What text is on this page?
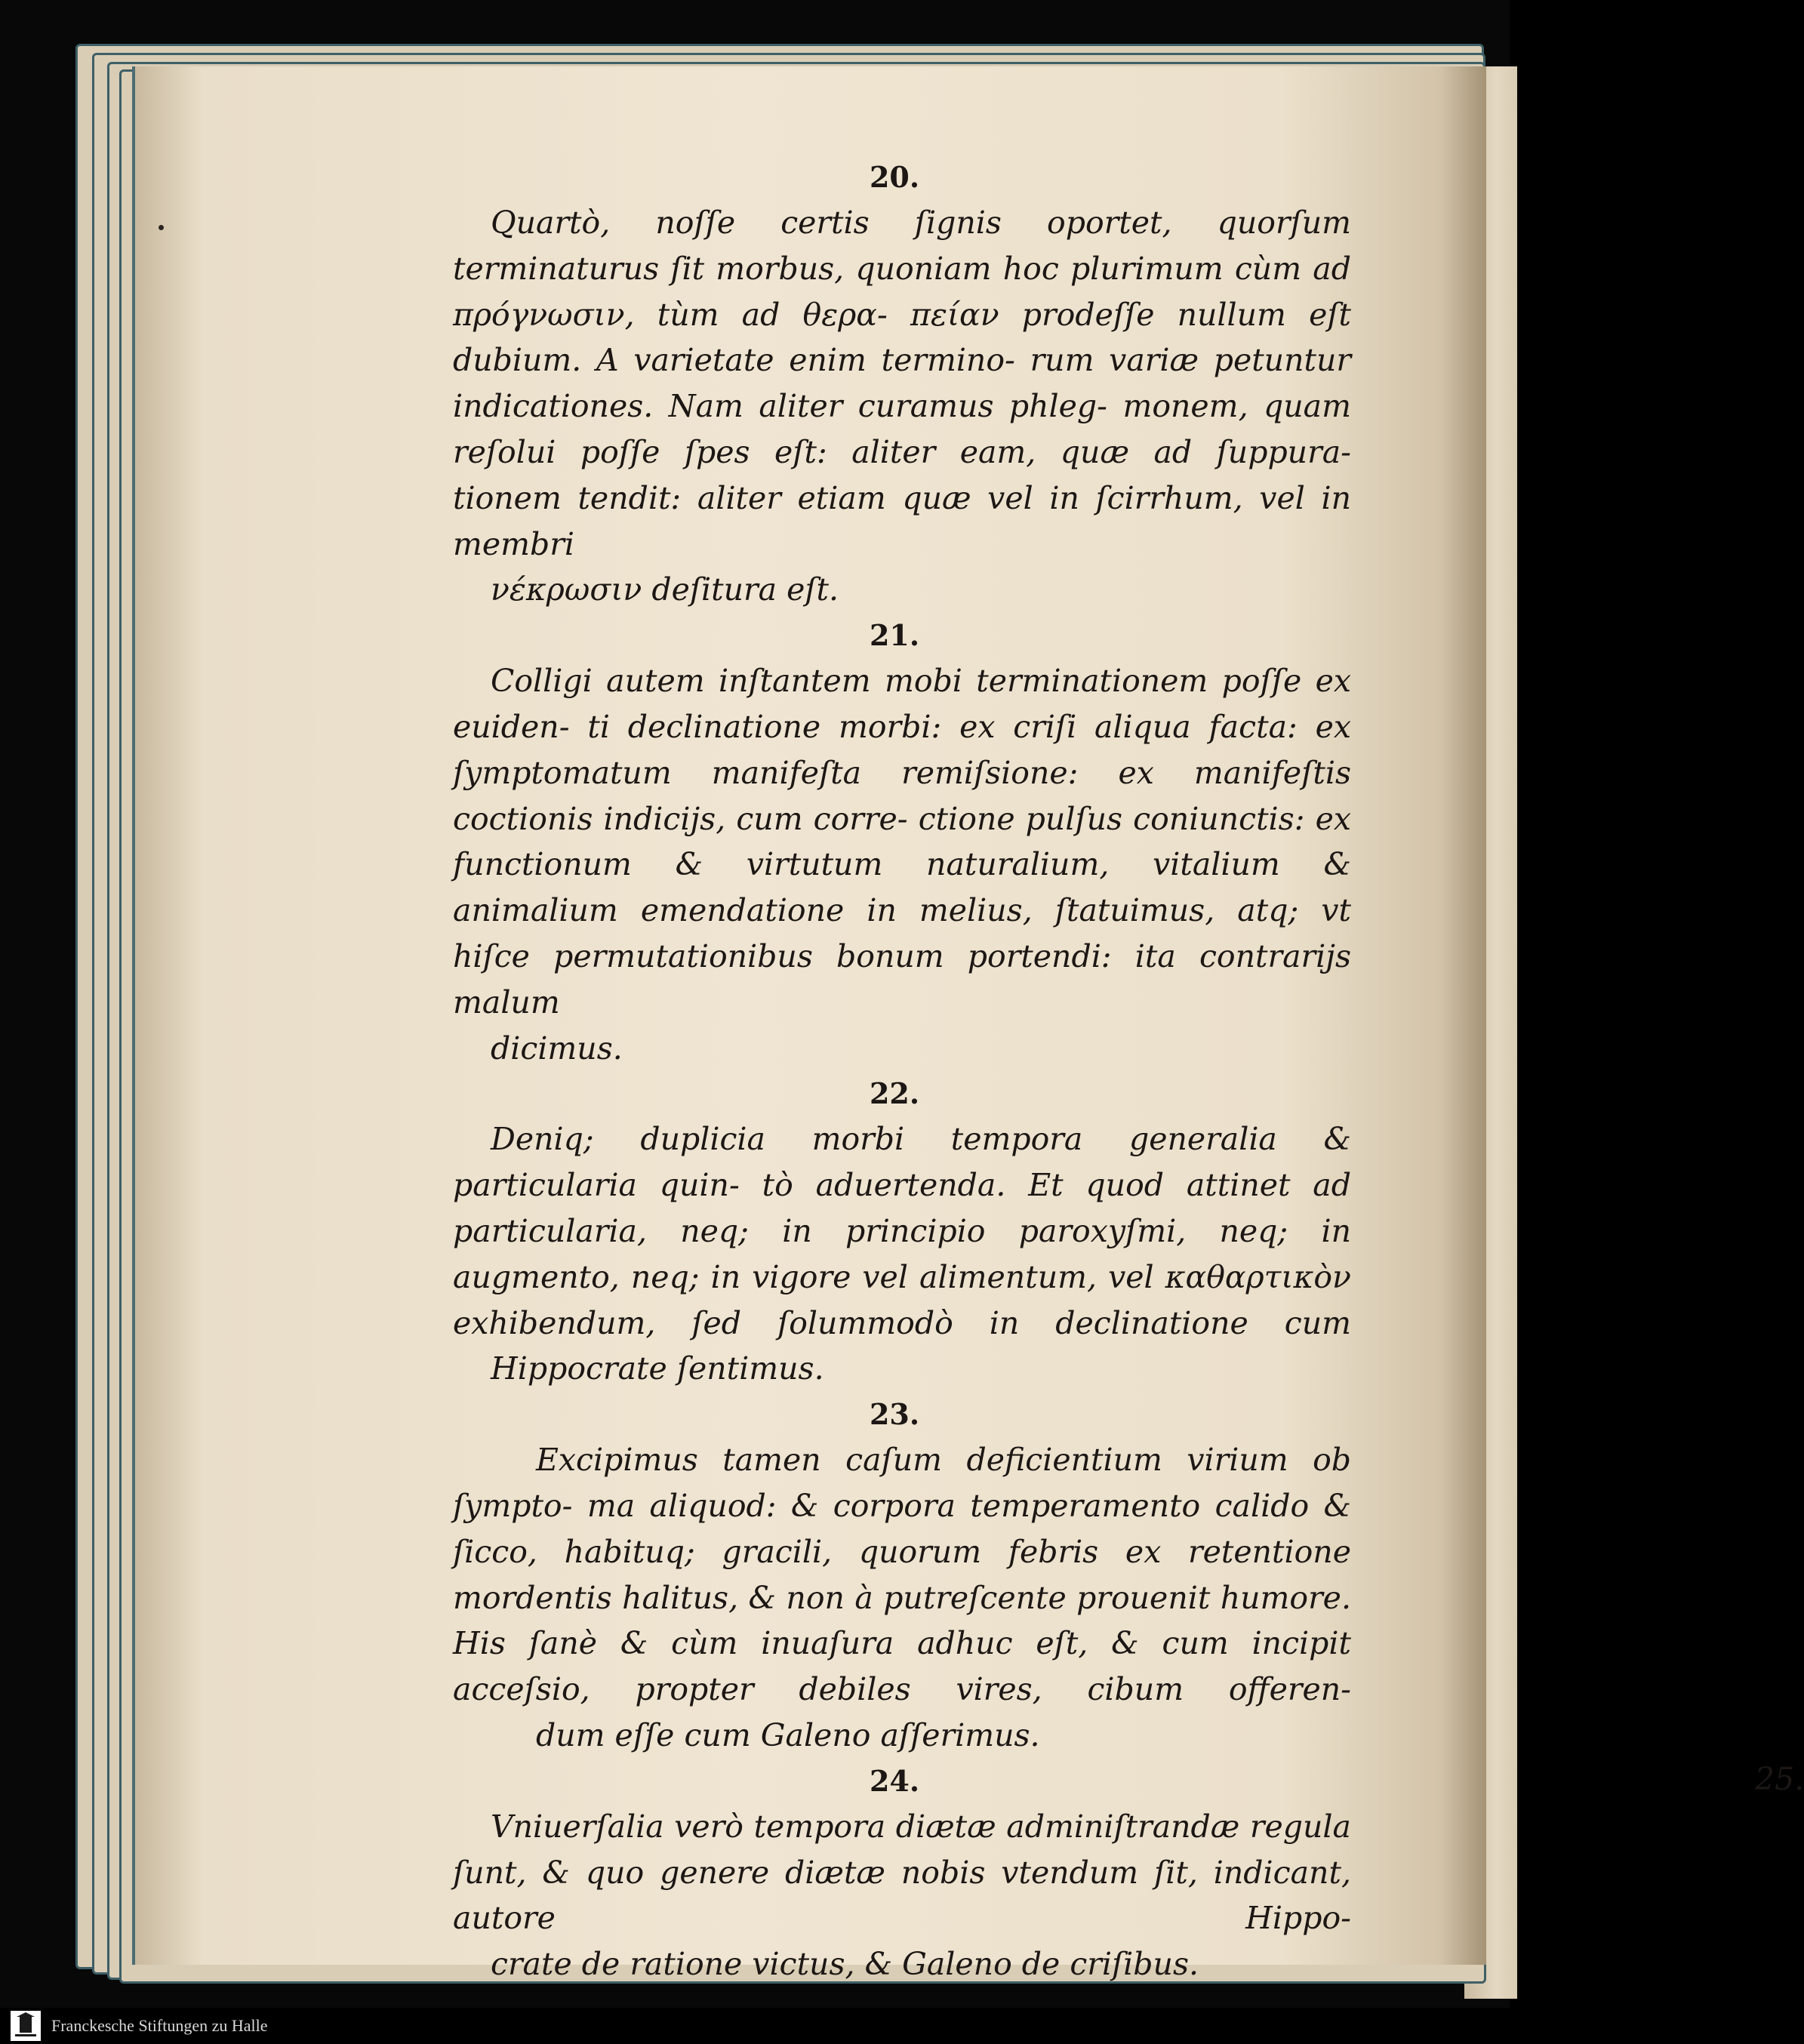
20.

Quartò, noſſe certis ſignis oportet, quorſum terminaturus ſit morbus, quoniam hoc plurimum cùm ad πρόγνωσιν, tùm ad θερα- πείαν prodeſſe nullum eſt dubium. A varietate enim termino- rum variæ petuntur indicationes. Nam aliter curamus phleg- monem, quam reſolui poſſe ſpes eſt: aliter eam, quæ ad ſuppura- tionem tendit: aliter etiam quæ vel in ſcirrhum, vel in membri
νέκρωσιν deſitura eſt.

21.

Colligi autem inſtantem mobi terminationem poſſe ex euiden- ti declinatione morbi: ex criſi aliqua facta: ex ſymptomatum manifeſta remiſsione: ex manifeſtis coctionis indicijs, cum corre- ctione pulſus coniunctis: ex functionum & virtutum naturalium, vitalium & animalium emendatione in melius, ſtatuimus, atq; vt hiſce permutationibus bonum portendi: ita contrarijs malum
dicimus.

22.

Deniq; duplicia morbi tempora generalia & particularia quin- tò aduertenda. Et quod attinet ad particularia, neq; in principio paroxyſmi, neq; in augmento, neq; in vigore vel alimentum, vel καθαρτικὸν exhibendum, ſed ſolummodò in declinatione cum
Hippocrate ſentimus.

23.

Excipimus tamen caſum deficientium virium ob ſympto- ma aliquod: & corpora temperamento calido & ſicco, habituq; gracili, quorum febris ex retentione mordentis halitus, & non à putreſcente prouenit humore. His ſanè & cùm inuaſura adhuc eſt, & cum incipit acceſsio, propter debiles vires, cibum offeren-
dum eſſe cum Galeno aſſerimus.

24.

Vniuerſalia verò tempora diætæ adminiſtrandæ regula ſunt, & quo genere diætæ nobis vtendum ſit, indicant, autore Hippo-
crate de ratione victus, & Galeno de criſibus.

25.
Franckesche Stiftungen zu Halle
